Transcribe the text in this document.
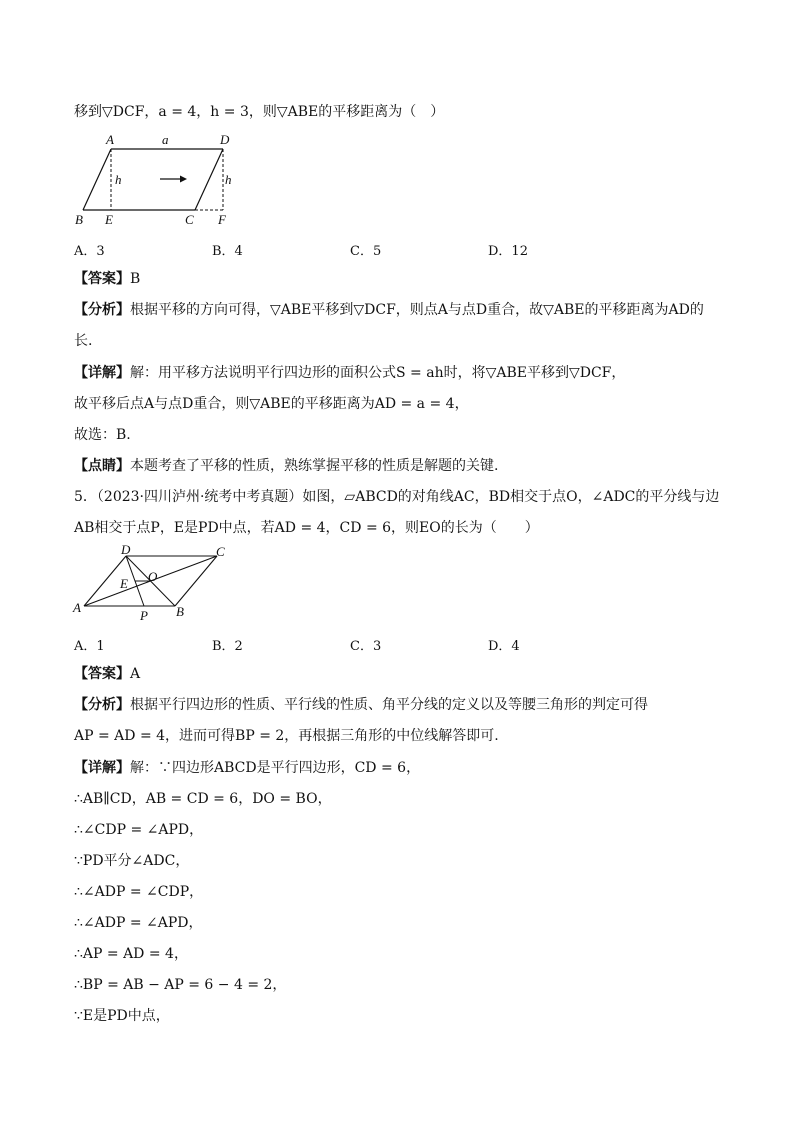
移到▽DCF，a = 4，h = 3，则▽ABE的平移距离为（　）
A	a	D
h	h
B E	C F
A．3	B．4	C．5	D．12
【答案】B
【分析】根据平移的方向可得，▽ABE平移到▽DCF，则点A与点D重合，故▽ABE的平移距离为AD的
长.
【详解】解：用平移方法说明平行四边形的面积公式S = ah时，将▽ABE平移到▽DCF，
故平移后点A与点D重合，则▽ABE的平移距离为AD = a = 4，
故选：B.
【点睛】本题考查了平移的性质，熟练掌握平移的性质是解题的关键.
5．（2023·四川泸州·统考中考真题）如图，▱ABCD的对角线AC，BD相交于点O，∠ADC的平分线与边
AB相交于点P，E是PD中点，若AD = 4，CD = 6，则EO的长为（　　）
D	C
E O
A
P B
A．1	B．2	C．3	D．4
【答案】A
【分析】根据平行四边形的性质、平行线的性质、角平分线的定义以及等腰三角形的判定可得
AP = AD = 4，进而可得BP = 2，再根据三角形的中位线解答即可.
【详解】解：∵四边形ABCD是平行四边形，CD = 6，
∴AB∥CD，AB = CD = 6，DO = BO，
∴∠CDP = ∠APD，
∵PD平分∠ADC，
∴∠ADP = ∠CDP，
∴∠ADP = ∠APD，
∴AP = AD = 4，
∴BP = AB − AP = 6 − 4 = 2，
∵E是PD中点，
